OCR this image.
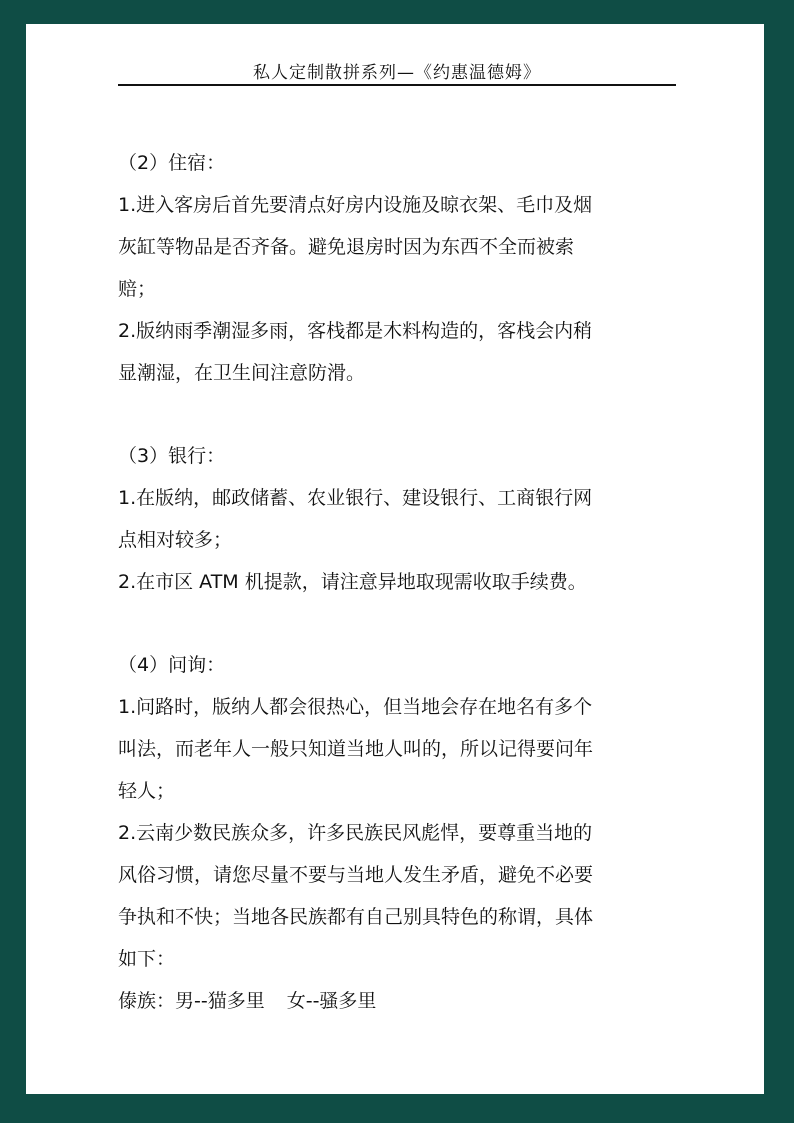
私人定制散拼系列—《约惠温德姆》

（2）住宿：

1.进入客房后首先要清点好房内设施及晾衣架、毛巾及烟

灰缸等物品是否齐备。避免退房时因为东西不全而被索

赔；

2.版纳雨季潮湿多雨，客栈都是木料构造的，客栈会内稍

显潮湿，在卫生间注意防滑。

（3）银行：

1.在版纳，邮政储蓄、农业银行、建设银行、工商银行网

点相对较多；

2.在市区 ATM 机提款，请注意异地取现需收取手续费。

（4）问询：

1.问路时，版纳人都会很热心，但当地会存在地名有多个

叫法，而老年人一般只知道当地人叫的，所以记得要问年

轻人；

2.云南少数民族众多，许多民族民风彪悍，要尊重当地的

风俗习惯，请您尽量不要与当地人发生矛盾，避免不必要

争执和不快；当地各民族都有自己别具特色的称谓，具体

如下：

傣族：男--猫多里 女--骚多里
